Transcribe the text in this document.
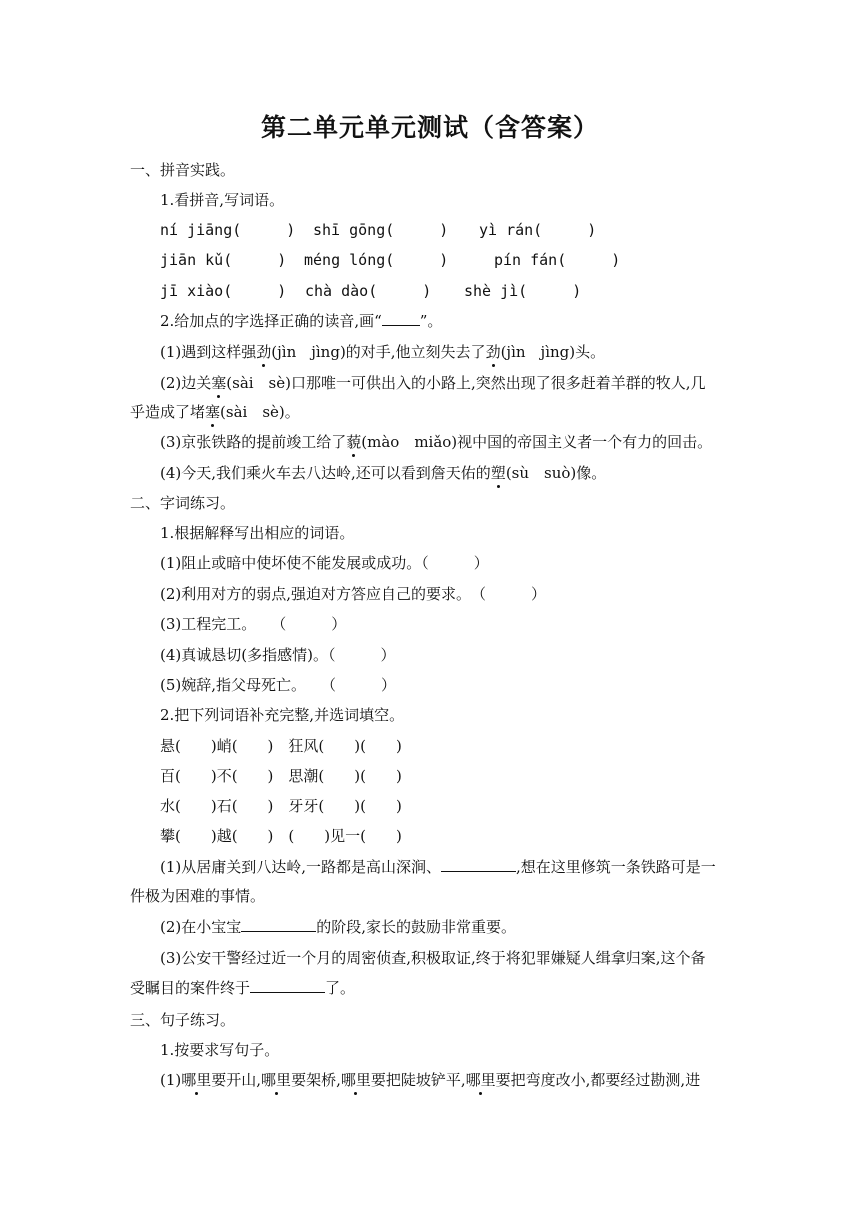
第二单元单元测试（含答案）
一、拼音实践。
1.看拼音,写词语。
ní jiāng(　　　) shī gōng(　　　) yì rán(　　　)
jiān kǔ(　　　) méng lóng(　　　)	pín fán(　　　)
jī xiào(　　　) chà dào(　　　) shè jì(　　　)
2.给加点的字选择正确的读音,画“	”。
(1)遇到这样强劲(jìn　jìng)的对手,他立刻失去了劲(jìn　jìng)头。
(2)边关塞(sài　sè)口那唯一可供出入的小路上,突然出现了很多赶着羊群的牧人,几
乎造成了堵塞(sài　sè)。
(3)京张铁路的提前竣工给了藐(mào　miǎo)视中国的帝国主义者一个有力的回击。
(4)今天,我们乘火车去八达岭,还可以看到詹天佑的塑(sù　suò)像。
二、字词练习。
1.根据解释写出相应的词语。
(1)阻止或暗中使坏使不能发展或成功。（　　　）
(2)利用对方的弱点,强迫对方答应自己的要求。　（　　　）
(3)工程完工。　　（　　　）
(4)真诚恳切(多指感情)。（　　　）
(5)婉辞,指父母死亡。　　（　　　）
2.把下列词语补充完整,并选词填空。
悬(　　)峭(　　)　狂风(　　)(　　)
百(　　)不(　　)　思潮(　　)(　　)
水(　　)石(　　)　牙牙(　　)(　　)
攀(　　)越(　　)　(　　)见一(　　)
(1)从居庸关到八达岭,一路都是高山深涧、	,想在这里修筑一条铁路可是一
件极为困难的事情。
(2)在小宝宝	的阶段,家长的鼓励非常重要。
(3)公安干警经过近一个月的周密侦查,积极取证,终于将犯罪嫌疑人缉拿归案,这个备
受瞩目的案件终于	了。
三、句子练习。
1.按要求写句子。
(1)哪里要开山,哪里要架桥,哪里要把陡坡铲平,哪里要把弯度改小,都要经过勘测,进
